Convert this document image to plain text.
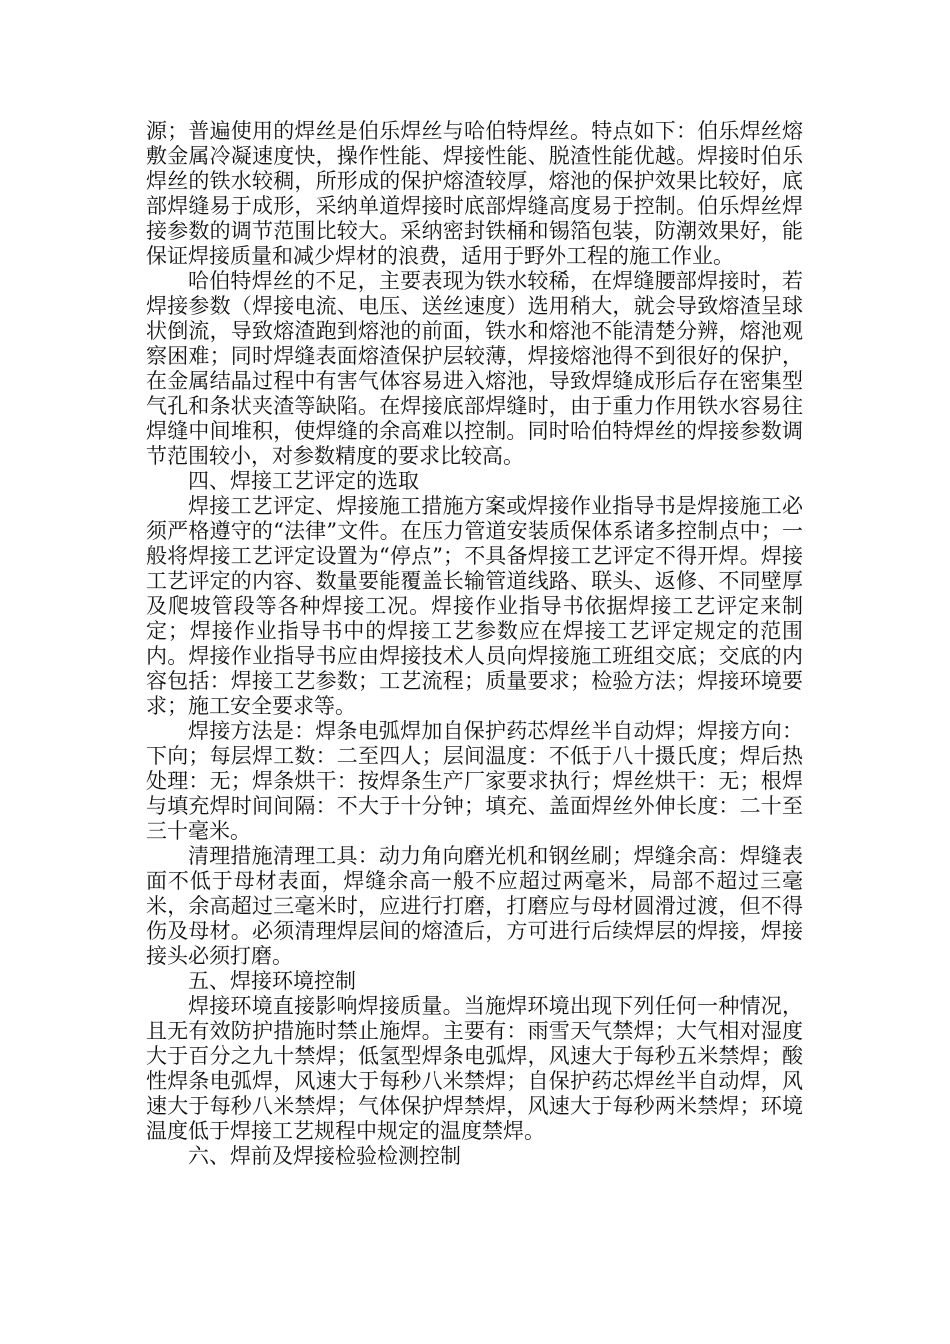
源；普遍使用的焊丝是伯乐焊丝与哈伯特焊丝。特点如下：伯乐焊丝熔敷金属冷凝速度快，操作性能、焊接性能、脱渣性能优越。焊接时伯乐焊丝的铁水较稠，所形成的保护熔渣较厚，熔池的保护效果比较好，底部焊缝易于成形，采纳单道焊接时底部焊缝高度易于控制。伯乐焊丝焊接参数的调节范围比较大。采纳密封铁桶和锡箔包装，防潮效果好，能保证焊接质量和减少焊材的浪费，适用于野外工程的施工作业。

哈伯特焊丝的不足，主要表现为铁水较稀，在焊缝腰部焊接时，若焊接参数（焊接电流、电压、送丝速度）选用稍大，就会导致熔渣呈球状倒流，导致熔渣跑到熔池的前面，铁水和熔池不能清楚分辨，熔池观察困难；同时焊缝表面熔渣保护层较薄，焊接熔池得不到很好的保护，在金属结晶过程中有害气体容易进入熔池，导致焊缝成形后存在密集型气孔和条状夹渣等缺陷。在焊接底部焊缝时，由于重力作用铁水容易往焊缝中间堆积，使焊缝的余高难以控制。同时哈伯特焊丝的焊接参数调节范围较小，对参数精度的要求比较高。

四、焊接工艺评定的选取

焊接工艺评定、焊接施工措施方案或焊接作业指导书是焊接施工必须严格遵守的“法律”文件。在压力管道安装质保体系诸多控制点中；一般将焊接工艺评定设置为“停点”；不具备焊接工艺评定不得开焊。焊接工艺评定的内容、数量要能覆盖长输管道线路、联头、返修、不同壁厚及爬坡管段等各种焊接工况。焊接作业指导书依据焊接工艺评定来制定；焊接作业指导书中的焊接工艺参数应在焊接工艺评定规定的范围内。焊接作业指导书应由焊接技术人员向焊接施工班组交底；交底的内容包括：焊接工艺参数；工艺流程；质量要求；检验方法；焊接环境要求；施工安全要求等。

焊接方法是：焊条电弧焊加自保护药芯焊丝半自动焊；焊接方向：下向；每层焊工数：二至四人；层间温度：不低于八十摄氏度；焊后热处理：无；焊条烘干：按焊条生产厂家要求执行；焊丝烘干：无；根焊与填充焊时间间隔：不大于十分钟；填充、盖面焊丝外伸长度：二十至三十毫米。

清理措施清理工具：动力角向磨光机和钢丝刷；焊缝余高：焊缝表面不低于母材表面，焊缝余高一般不应超过两毫米，局部不超过三毫米，余高超过三毫米时，应进行打磨，打磨应与母材圆滑过渡，但不得伤及母材。必须清理焊层间的熔渣后，方可进行后续焊层的焊接，焊接接头必须打磨。

五、焊接环境控制

焊接环境直接影响焊接质量。当施焊环境出现下列任何一种情况，且无有效防护措施时禁止施焊。主要有：雨雪天气禁焊；大气相对湿度大于百分之九十禁焊；低氢型焊条电弧焊，风速大于每秒五米禁焊；酸性焊条电弧焊，风速大于每秒八米禁焊；自保护药芯焊丝半自动焊，风速大于每秒八米禁焊；气体保护焊禁焊，风速大于每秒两米禁焊；环境温度低于焊接工艺规程中规定的温度禁焊。

六、焊前及焊接检验检测控制
